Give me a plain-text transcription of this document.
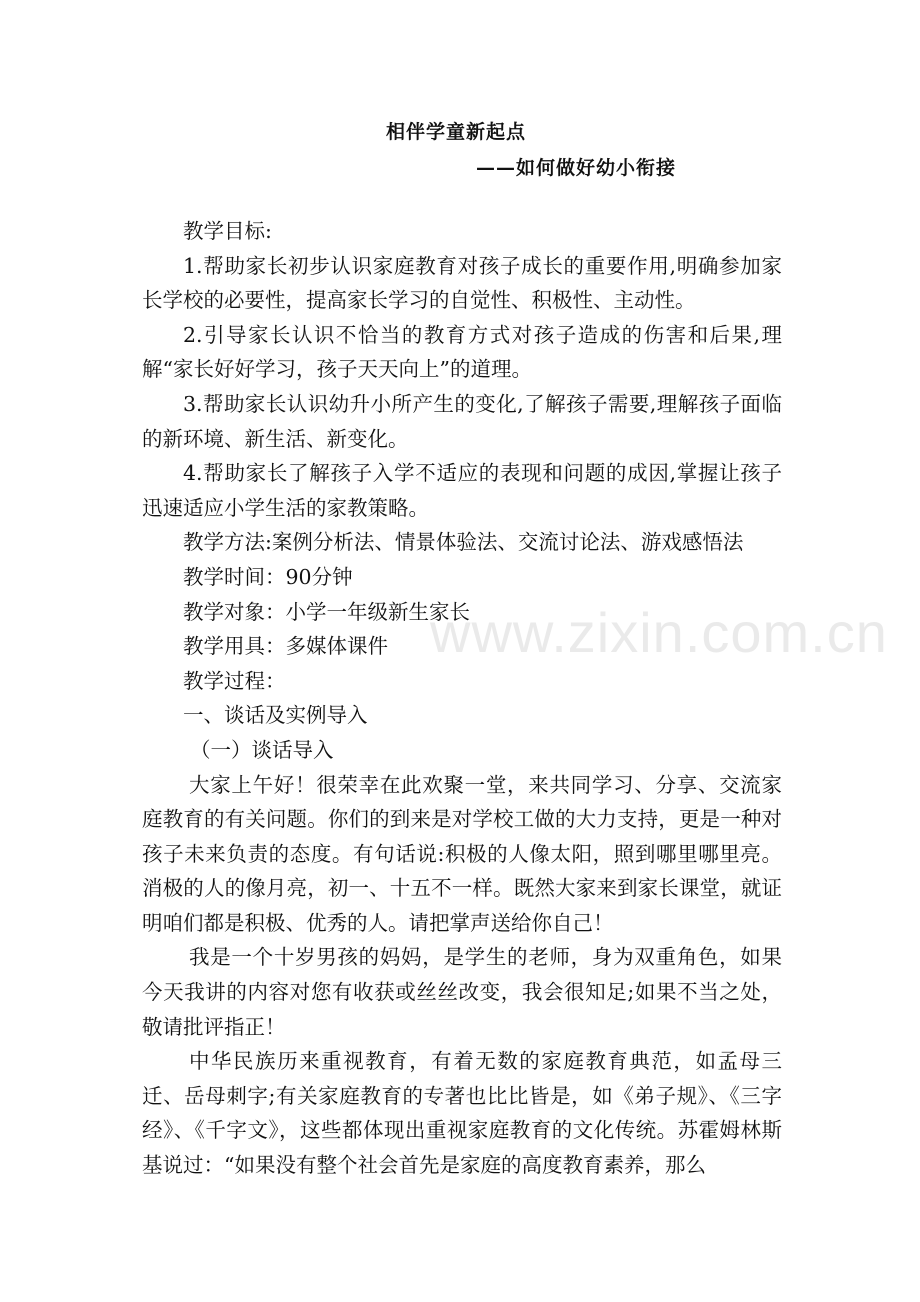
相伴学童新起点
——如何做好幼小衔接

教学目标:

1.帮助家长初步认识家庭教育对孩子成长的重要作用,明确参加家长学校的必要性，提高家长学习的自觉性、积极性、主动性。

2.引导家长认识不恰当的教育方式对孩子造成的伤害和后果,理解“家长好好学习，孩子天天向上”的道理。

3.帮助家长认识幼升小所产生的变化,了解孩子需要,理解孩子面临的新环境、新生活、新变化。

4.帮助家长了解孩子入学不适应的表现和问题的成因,掌握让孩子迅速适应小学生活的家教策略。

教学方法:案例分析法、情景体验法、交流讨论法、游戏感悟法

教学时间：90分钟

教学对象：小学一年级新生家长

教学用具：多媒体课件

教学过程：

一、谈话及实例导入

（一）谈话导入

大家上午好！很荣幸在此欢聚一堂，来共同学习、分享、交流家庭教育的有关问题。你们的到来是对学校工做的大力支持，更是一种对孩子未来负责的态度。有句话说:积极的人像太阳，照到哪里哪里亮。消极的人的像月亮，初一、十五不一样。既然大家来到家长课堂，就证明咱们都是积极、优秀的人。请把掌声送给你自己！

我是一个十岁男孩的妈妈，是学生的老师，身为双重角色，如果今天我讲的内容对您有收获或丝丝改变，我会很知足;如果不当之处，敬请批评指正！

中华民族历来重视教育，有着无数的家庭教育典范，如孟母三迁、岳母刺字;有关家庭教育的专著也比比皆是，如《弟子规》、《三字经》、《千字文》，这些都体现出重视家庭教育的文化传统。苏霍姆林斯基说过：“如果没有整个社会首先是家庭的高度教育素养，那么

www.zixin.com.cn
